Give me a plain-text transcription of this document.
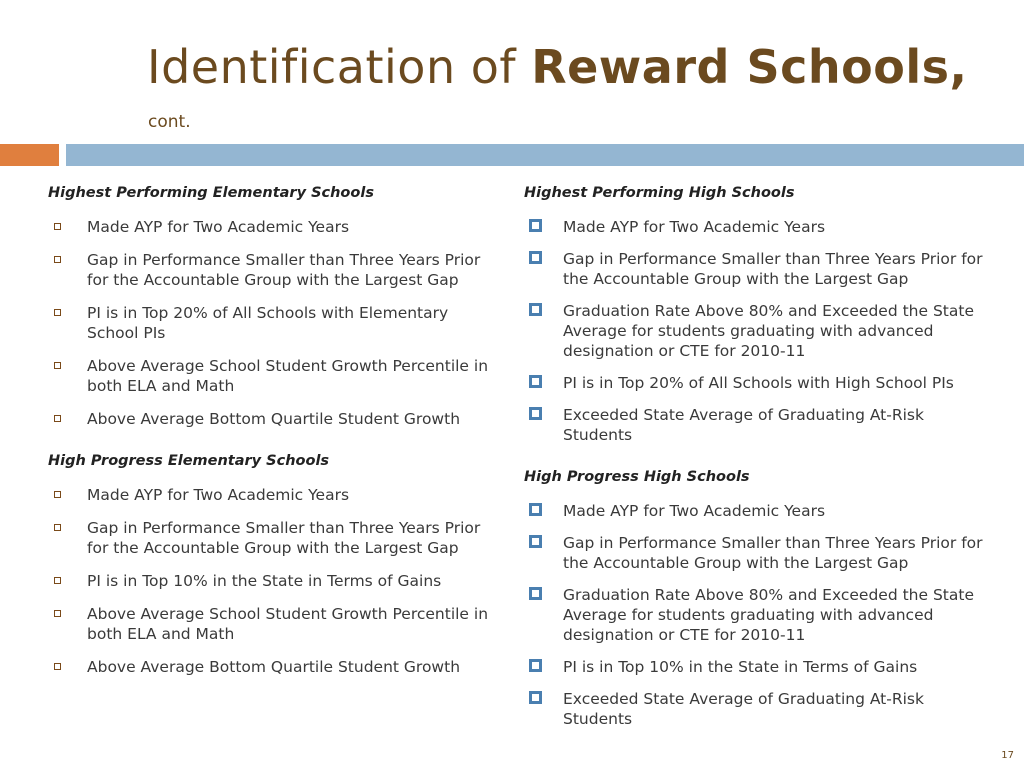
Identification of Reward Schools,
cont.
Highest Performing Elementary Schools
Made AYP for Two Academic Years
Gap in Performance Smaller than Three Years Prior for the Accountable Group with the Largest Gap
PI is in Top 20% of All Schools with Elementary School PIs
Above Average School Student Growth Percentile in both ELA and Math
Above Average Bottom Quartile Student Growth
High Progress Elementary Schools
Made AYP for Two Academic Years
Gap in Performance Smaller than Three Years Prior for the Accountable Group with the Largest Gap
PI is in Top 10% in the State in Terms of Gains
Above Average School Student Growth Percentile in both ELA and Math
Above Average Bottom Quartile Student Growth
Highest Performing High Schools
Made AYP for Two Academic Years
Gap in Performance Smaller than Three Years Prior for the Accountable Group with the Largest Gap
Graduation Rate Above 80% and Exceeded the State Average for students graduating with advanced designation or CTE for 2010-11
PI is in Top 20% of All Schools with High School PIs
Exceeded State Average of Graduating At-Risk Students
High Progress High Schools
Made AYP for Two Academic Years
Gap in Performance Smaller than Three Years Prior for the Accountable Group with the Largest Gap
Graduation Rate Above 80% and Exceeded the State Average for students graduating with advanced designation or CTE for 2010-11
PI is in Top 10% in the State in Terms of Gains
Exceeded State Average of Graduating At-Risk Students
17
